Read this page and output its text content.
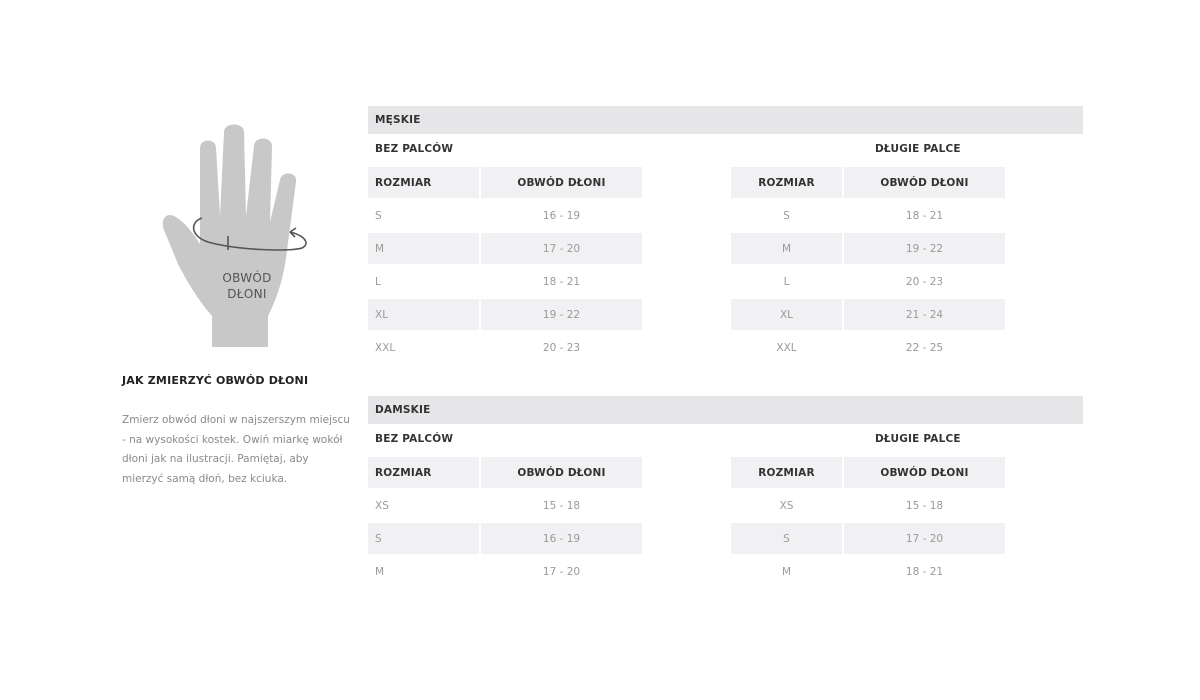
OBWÓD
DŁONI
JAK ZMIERZYĆ OBWÓD DŁONI
Zmierz obwód dłoni w najszerszym miejscu - na wysokości kostek. Owiń miarkę wokół dłoni jak na ilustracji. Pamiętaj, aby mierzyć samą dłoń, bez kciuka.
MĘSKIE
BEZ PALCÓW	DŁUGIE PALCE
ROZMIAR	OBWÓD DŁONI
S	16 - 19
M	17 - 20
L	18 - 21
XL	19 - 22
XXL	20 - 23
ROZMIAR	OBWÓD DŁONI
S	18 - 21
M	19 - 22
L	20 - 23
XL	21 - 24
XXL	22 - 25
DAMSKIE
BEZ PALCÓW	DŁUGIE PALCE
ROZMIAR	OBWÓD DŁONI
XS	15 - 18
S	16 - 19
M	17 - 20
ROZMIAR	OBWÓD DŁONI
XS	15 - 18
S	17 - 20
M	18 - 21
